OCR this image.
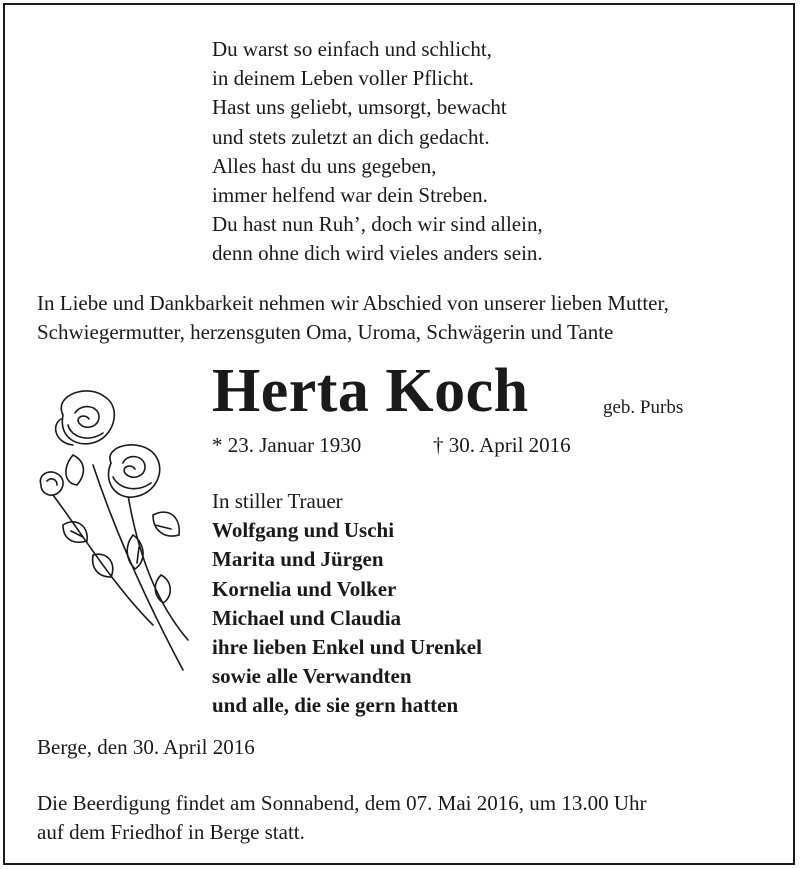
Du warst so einfach und schlicht,
in deinem Leben voller Pflicht.
Hast uns geliebt, umsorgt, bewacht
und stets zuletzt an dich gedacht.
Alles hast du uns gegeben,
immer helfend war dein Streben.
Du hast nun Ruh’, doch wir sind allein,
denn ohne dich wird vieles anders sein.
In Liebe und Dankbarkeit nehmen wir Abschied von unserer lieben Mutter,
Schwiegermutter, herzensguten Oma, Uroma, Schwägerin und Tante
Herta Koch	geb. Purbs
* 23. Januar 1930	† 30. April 2016
In stiller Trauer
Wolfgang und Uschi
Marita und Jürgen
Kornelia und Volker
Michael und Claudia
ihre lieben Enkel und Urenkel
sowie alle Verwandten
und alle, die sie gern hatten
Berge, den 30. April 2016
Die Beerdigung findet am Sonnabend, dem 07. Mai 2016, um 13.00 Uhr
auf dem Friedhof in Berge statt.
